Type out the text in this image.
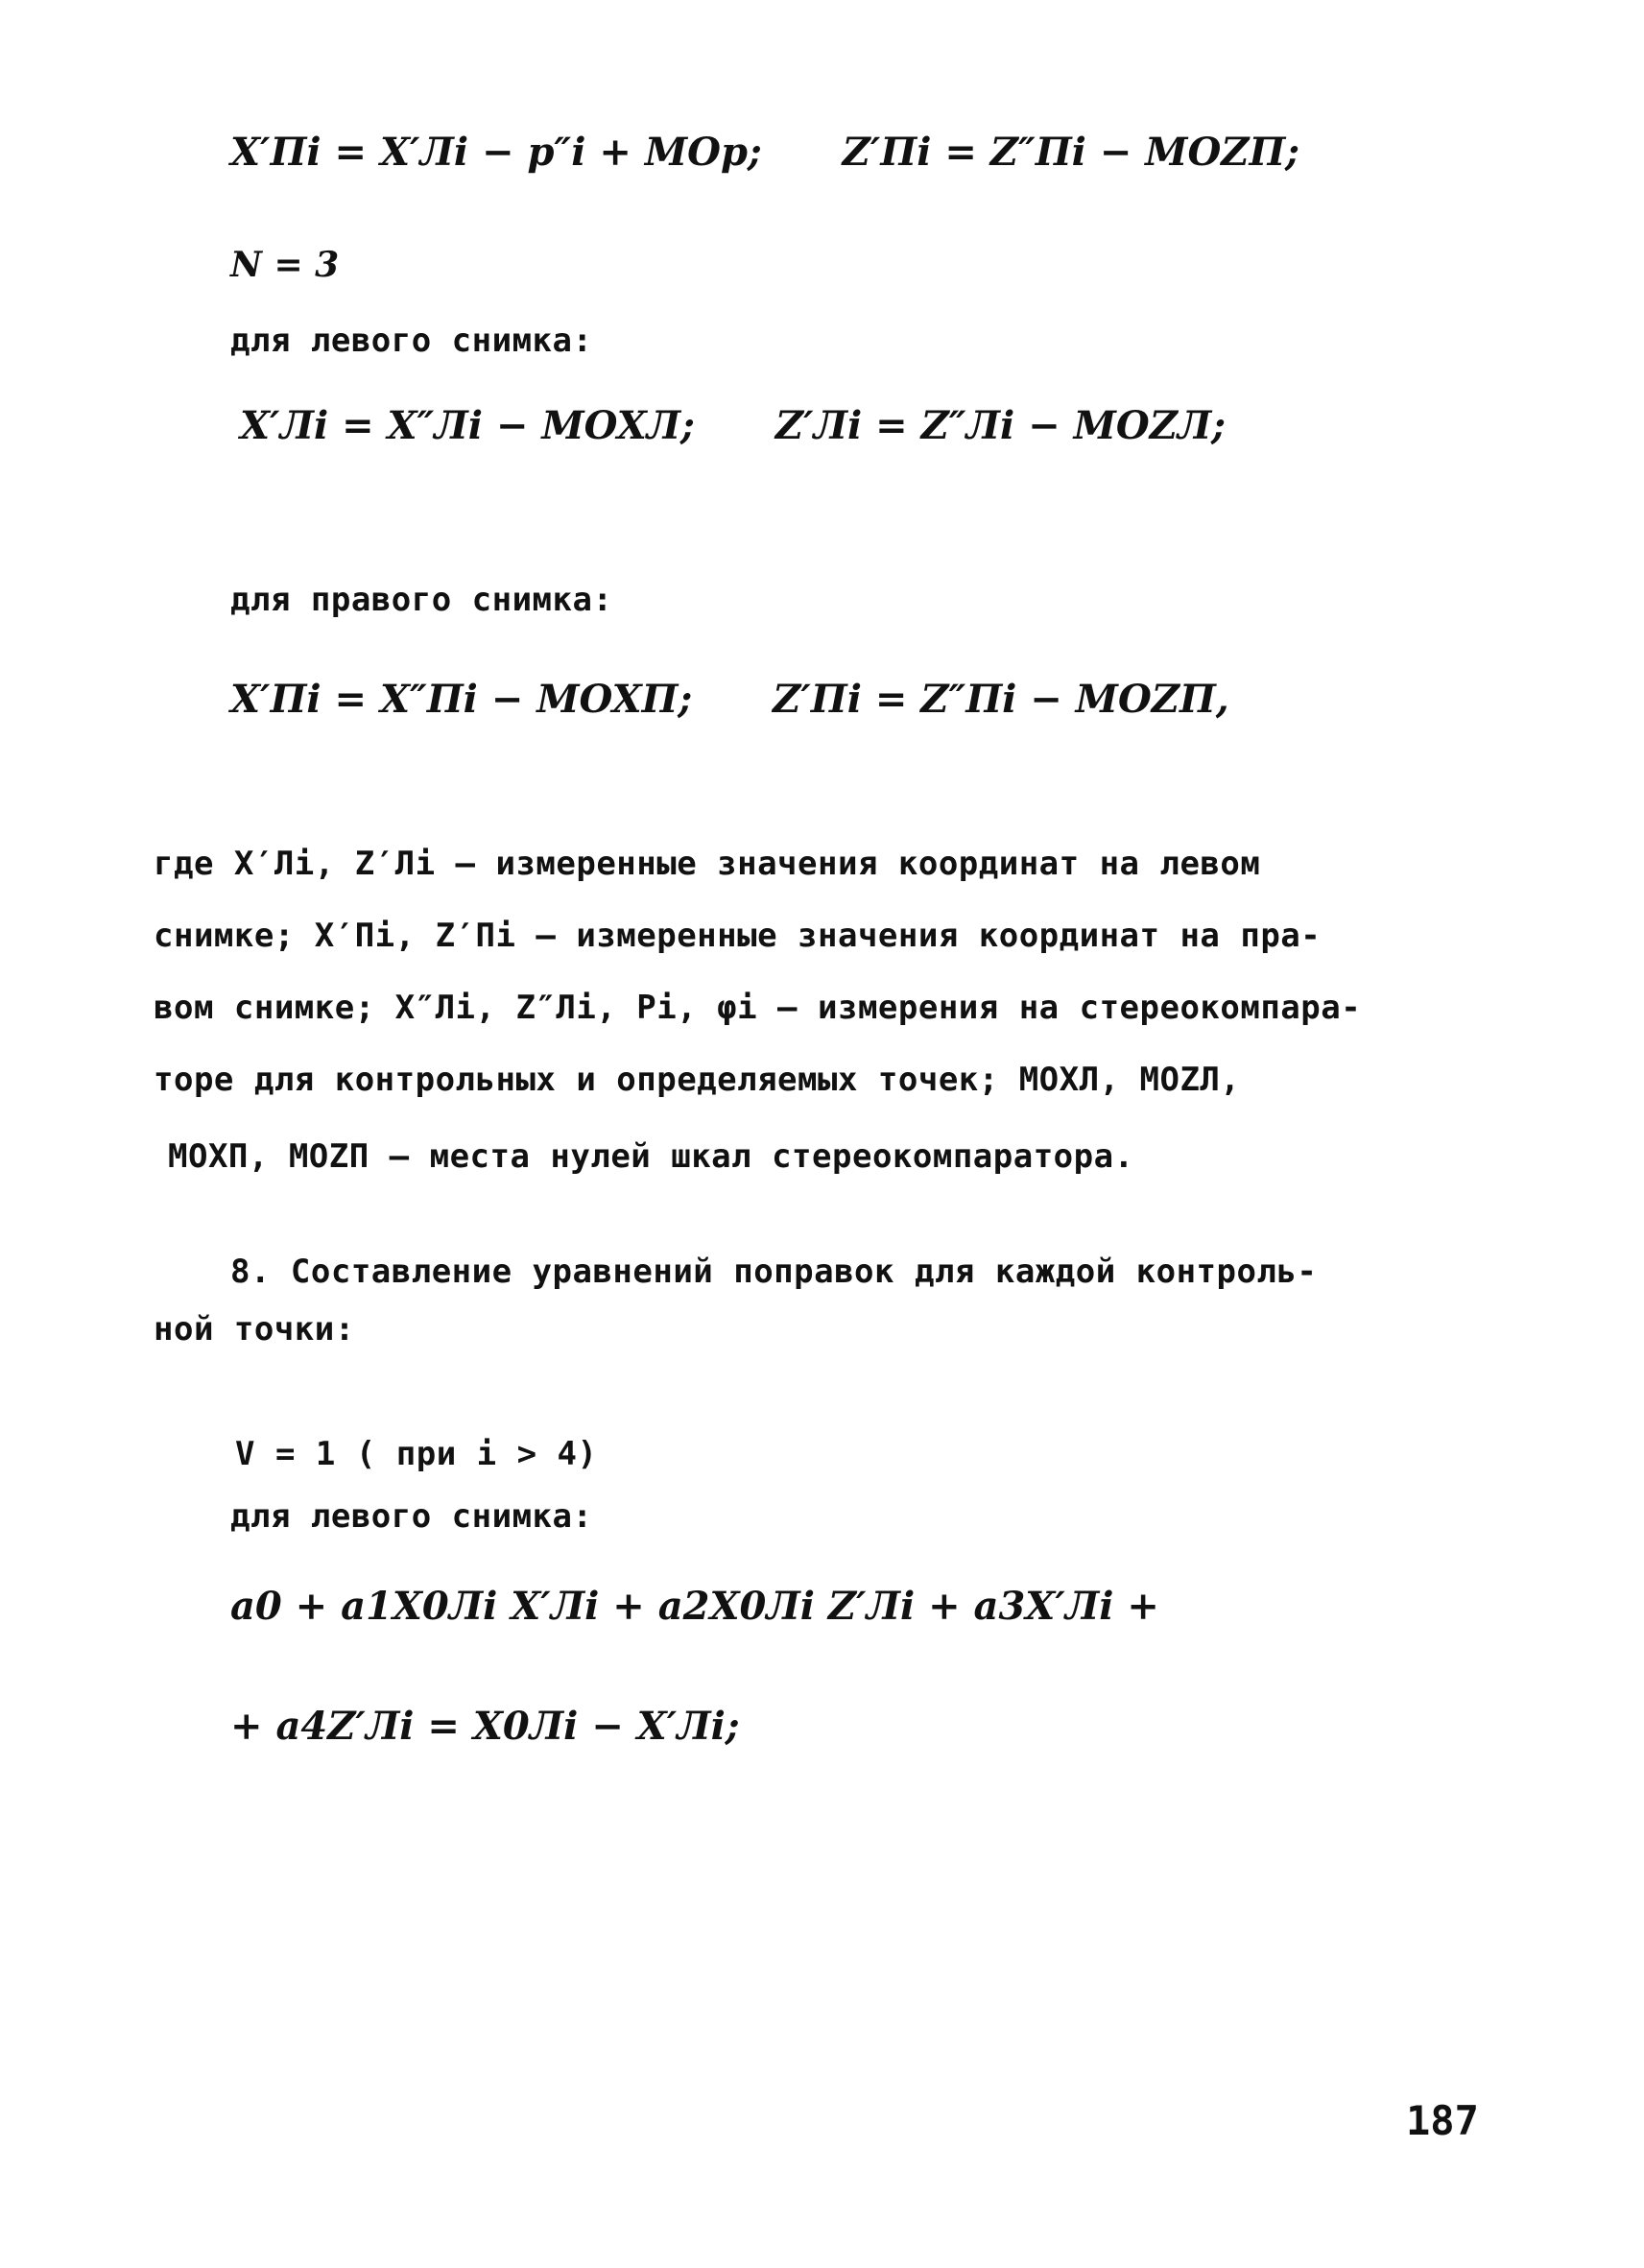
X′Пi = X′Лi − p″i + MOp; Z′Пi = Z″Пi − MOZП;
N = 3
для левого снимка:
X′Лi = X″Лi − MOXЛ; Z′Лi = Z″Лi − MOZЛ;
для правого снимка:
X′Пi = X″Пi − MOXП; Z′Пi = Z″Пi − MOZП,
где X′Лi, Z′Лi – измеренные значения координат на левом
снимке; X′Пi, Z′Пi – измеренные значения координат на пра-
вом снимке; X″Лi, Z″Лi, Pi, φi – измерения на стереокомпара-
торе для контрольных и определяемых точек; MOXЛ, MOZЛ,
MOXП, MOZП – места нулей шкал стереокомпаратора.
8. Составление уравнений поправок для каждой контроль-
ной точки:
V = 1 ( при i > 4)
для левого снимка:
a0 + a1X0Лi X′Лi + a2X0Лi Z′Лi + a3X′Лi +
+ a4Z′Лi = X0Лi − X′Лi;
187
